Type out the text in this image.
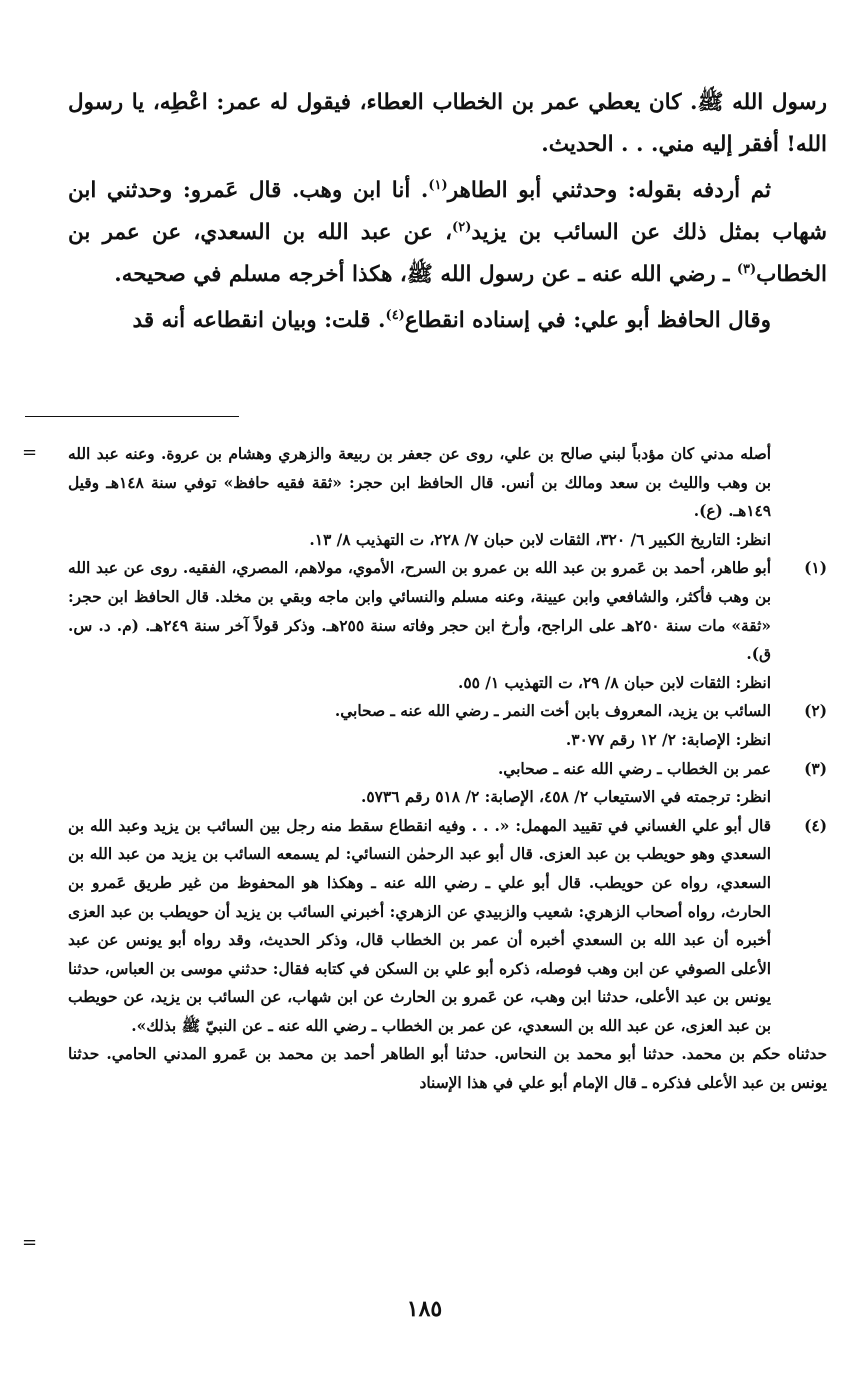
رسول الله ﷺ. كان يعطي عمر بن الخطاب العطاء، فيقول له عمر: اعْطِه، يا رسول الله! أفقر إليه مني. . . الحديث.

ثم أردفه بقوله: وحدثني أبو الطاهر$^{(١)}$. أنا ابن وهب. قال عَمرو: وحدثني ابن شهاب بمثل ذلك عن السائب بن يزيد$^{(٢)}$، عن عبد الله بن السعدي، عن عمر بن الخطاب$^{(٣)}$ ـ رضي الله عنه ـ عن رسول الله ﷺ، هكذا أخرجه مسلم في صحيحه.

وقال الحافظ أبو علي: في إسناده انقطاع$^{(٤)}$. قلت: وبيان انقطاعه أنه قد

= أصله مدني كان مؤدباً لبني صالح بن علي، روى عن جعفر بن ربيعة والزهري وهشام بن عروة. وعنه عبد الله بن وهب والليث بن سعد ومالك بن أنس. قال الحافظ ابن حجر: «ثقة فقيه حافظ» توفي سنة ١٤٨هـ وقيل ١٤٩هـ. (ع).

انظر: التاريخ الكبير ٦/ ٣٢٠، الثقات لابن حبان ٧/ ٢٢٨، ت التهذيب ٨/ ١٣.

(١)

أبو طاهر، أحمد بن عَمرو بن عبد الله بن عمرو بن السرح، الأموي، مولاهم، المصري، الفقيه. روى عن عبد الله بن وهب فأكثر، والشافعي وابن عيينة، وعنه مسلم والنسائي وابن ماجه وبقي بن مخلد. قال الحافظ ابن حجر: «ثقة» مات سنة ٢٥٠هـ على الراجح، وأرخ ابن حجر وفاته سنة ٢٥٥هـ. وذكر قولاً آخر سنة ٢٤٩هـ. (م. د. س. ق).

انظر: الثقات لابن حبان ٨/ ٢٩، ت التهذيب ١/ ٥٥.

(٢)

السائب بن يزيد، المعروف بابن أخت النمر ـ رضي الله عنه ـ صحابي.

انظر: الإصابة: ٢/ ١٢ رقم ٣٠٧٧.

(٣)

عمر بن الخطاب ـ رضي الله عنه ـ صحابي.

انظر: ترجمته في الاستيعاب ٢/ ٤٥٨، الإصابة: ٢/ ٥١٨ رقم ٥٧٣٦.

(٤)

قال أبو علي الغساني في تقييد المهمل: «. . . وفيه انقطاع سقط منه رجل بين السائب بن يزيد وعبد الله بن السعدي وهو حويطب بن عبد العزى. قال أبو عبد الرحمٰن النسائي: لم يسمعه السائب بن يزيد من عبد الله بن السعدي، رواه عن حويطب. قال أبو علي ـ رضي الله عنه ـ وهكذا هو المحفوظ من غير طريق عَمرو بن الحارث، رواه أصحاب الزهري: شعيب والزبيدي عن الزهري: أخبرني السائب بن يزيد أن حويطب بن عبد العزى أخبره أن عبد الله بن السعدي أخبره أن عمر بن الخطاب قال، وذكر الحديث، وقد رواه أبو يونس عن عبد الأعلى الصوفي عن ابن وهب فوصله، ذكره أبو علي بن السكن في كتابه فقال: حدثني موسى بن العباس، حدثنا يونس بن عبد الأعلى، حدثنا ابن وهب، عن عَمرو بن الحارث عن ابن شهاب، عن السائب بن يزيد، عن حويطب بن عبد العزى، عن عبد الله بن السعدي، عن عمر بن الخطاب ـ رضي الله عنه ـ عن النبيّ ﷺ بذلك».

حدثناه حكم بن محمد. حدثنا أبو محمد بن النحاس. حدثنا أبو الطاهر أحمد بن محمد بن عَمرو المدني الحامي. حدثنا يونس بن عبد الأعلى فذكره ـ قال الإمام أبو علي في هذا الإسناد

=
١٨٥
